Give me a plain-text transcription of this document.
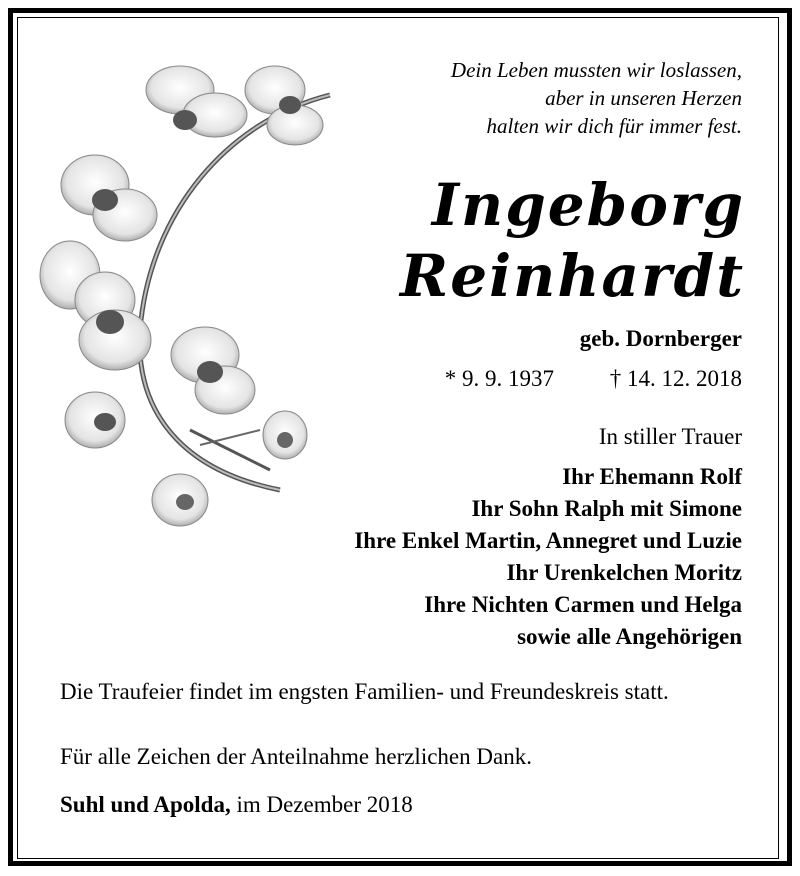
Dein Leben mussten wir loslassen,
aber in unseren Herzen
halten wir dich für immer fest.
Ingeborg
Reinhardt
geb. Dornberger
* 9. 9. 1937 † 14. 12. 2018
In stiller Trauer
Ihr Ehemann Rolf
Ihr Sohn Ralph mit Simone
Ihre Enkel Martin, Annegret und Luzie
Ihr Urenkelchen Moritz
Ihre Nichten Carmen und Helga
sowie alle Angehörigen
Die Traufeier findet im engsten Familien- und Freundeskreis statt.
Für alle Zeichen der Anteilnahme herzlichen Dank.
Suhl und Apolda, im Dezember 2018
